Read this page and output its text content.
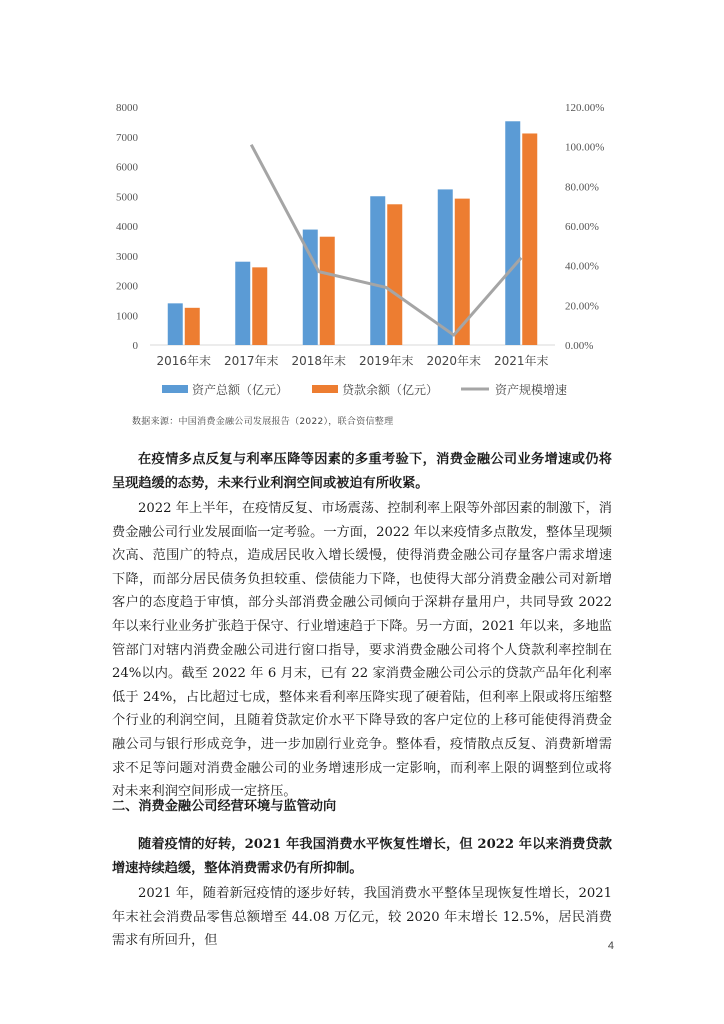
0
1000
2000
3000
4000
5000
6000
7000
8000
0.00%
20.00%
40.00%
60.00%
80.00%
100.00%
120.00%
2016年末 2017年末 2018年末 2019年末 2020年末 2021年末
资产总额（亿元）	贷款余额（亿元）	资产规模增速
数据来源：中国消费金融公司发展报告（2022），联合资信整理

在疫情多点反复与利率压降等因素的多重考验下，消费金融公司业务增速或仍将呈现趋缓的态势，未来行业利润空间或被迫有所收紧。

2022 年上半年，在疫情反复、市场震荡、控制利率上限等外部因素的制激下，消费金融公司行业发展面临一定考验。一方面，2022 年以来疫情多点散发，整体呈现频次高、范围广的特点，造成居民收入增长缓慢，使得消费金融公司存量客户需求增速下降，而部分居民债务负担较重、偿债能力下降，也使得大部分消费金融公司对新增客户的态度趋于审慎，部分头部消费金融公司倾向于深耕存量用户，共同导致 2022 年以来行业业务扩张趋于保守、行业增速趋于下降。另一方面，2021 年以来，多地监管部门对辖内消费金融公司进行窗口指导，要求消费金融公司将个人贷款利率控制在 24%以内。截至 2022 年 6 月末，已有 22 家消费金融公司公示的贷款产品年化利率低于 24%，占比超过七成，整体来看利率压降实现了硬着陆，但利率上限或将压缩整个行业的利润空间，且随着贷款定价水平下降导致的客户定位的上移可能使得消费金融公司与银行形成竞争，进一步加剧行业竞争。整体看，疫情散点反复、消费新增需求不足等问题对消费金融公司的业务增速形成一定影响，而利率上限的调整到位或将对未来利润空间形成一定挤压。

二、消费金融公司经营环境与监管动向

随着疫情的好转，2021 年我国消费水平恢复性增长，但 2022 年以来消费贷款增速持续趋缓，整体消费需求仍有所抑制。

2021 年，随着新冠疫情的逐步好转，我国消费水平整体呈现恢复性增长，2021 年末社会消费品零售总额增至 44.08 万亿元，较 2020 年末增长 12.5%，居民消费需求有所回升，但	4
